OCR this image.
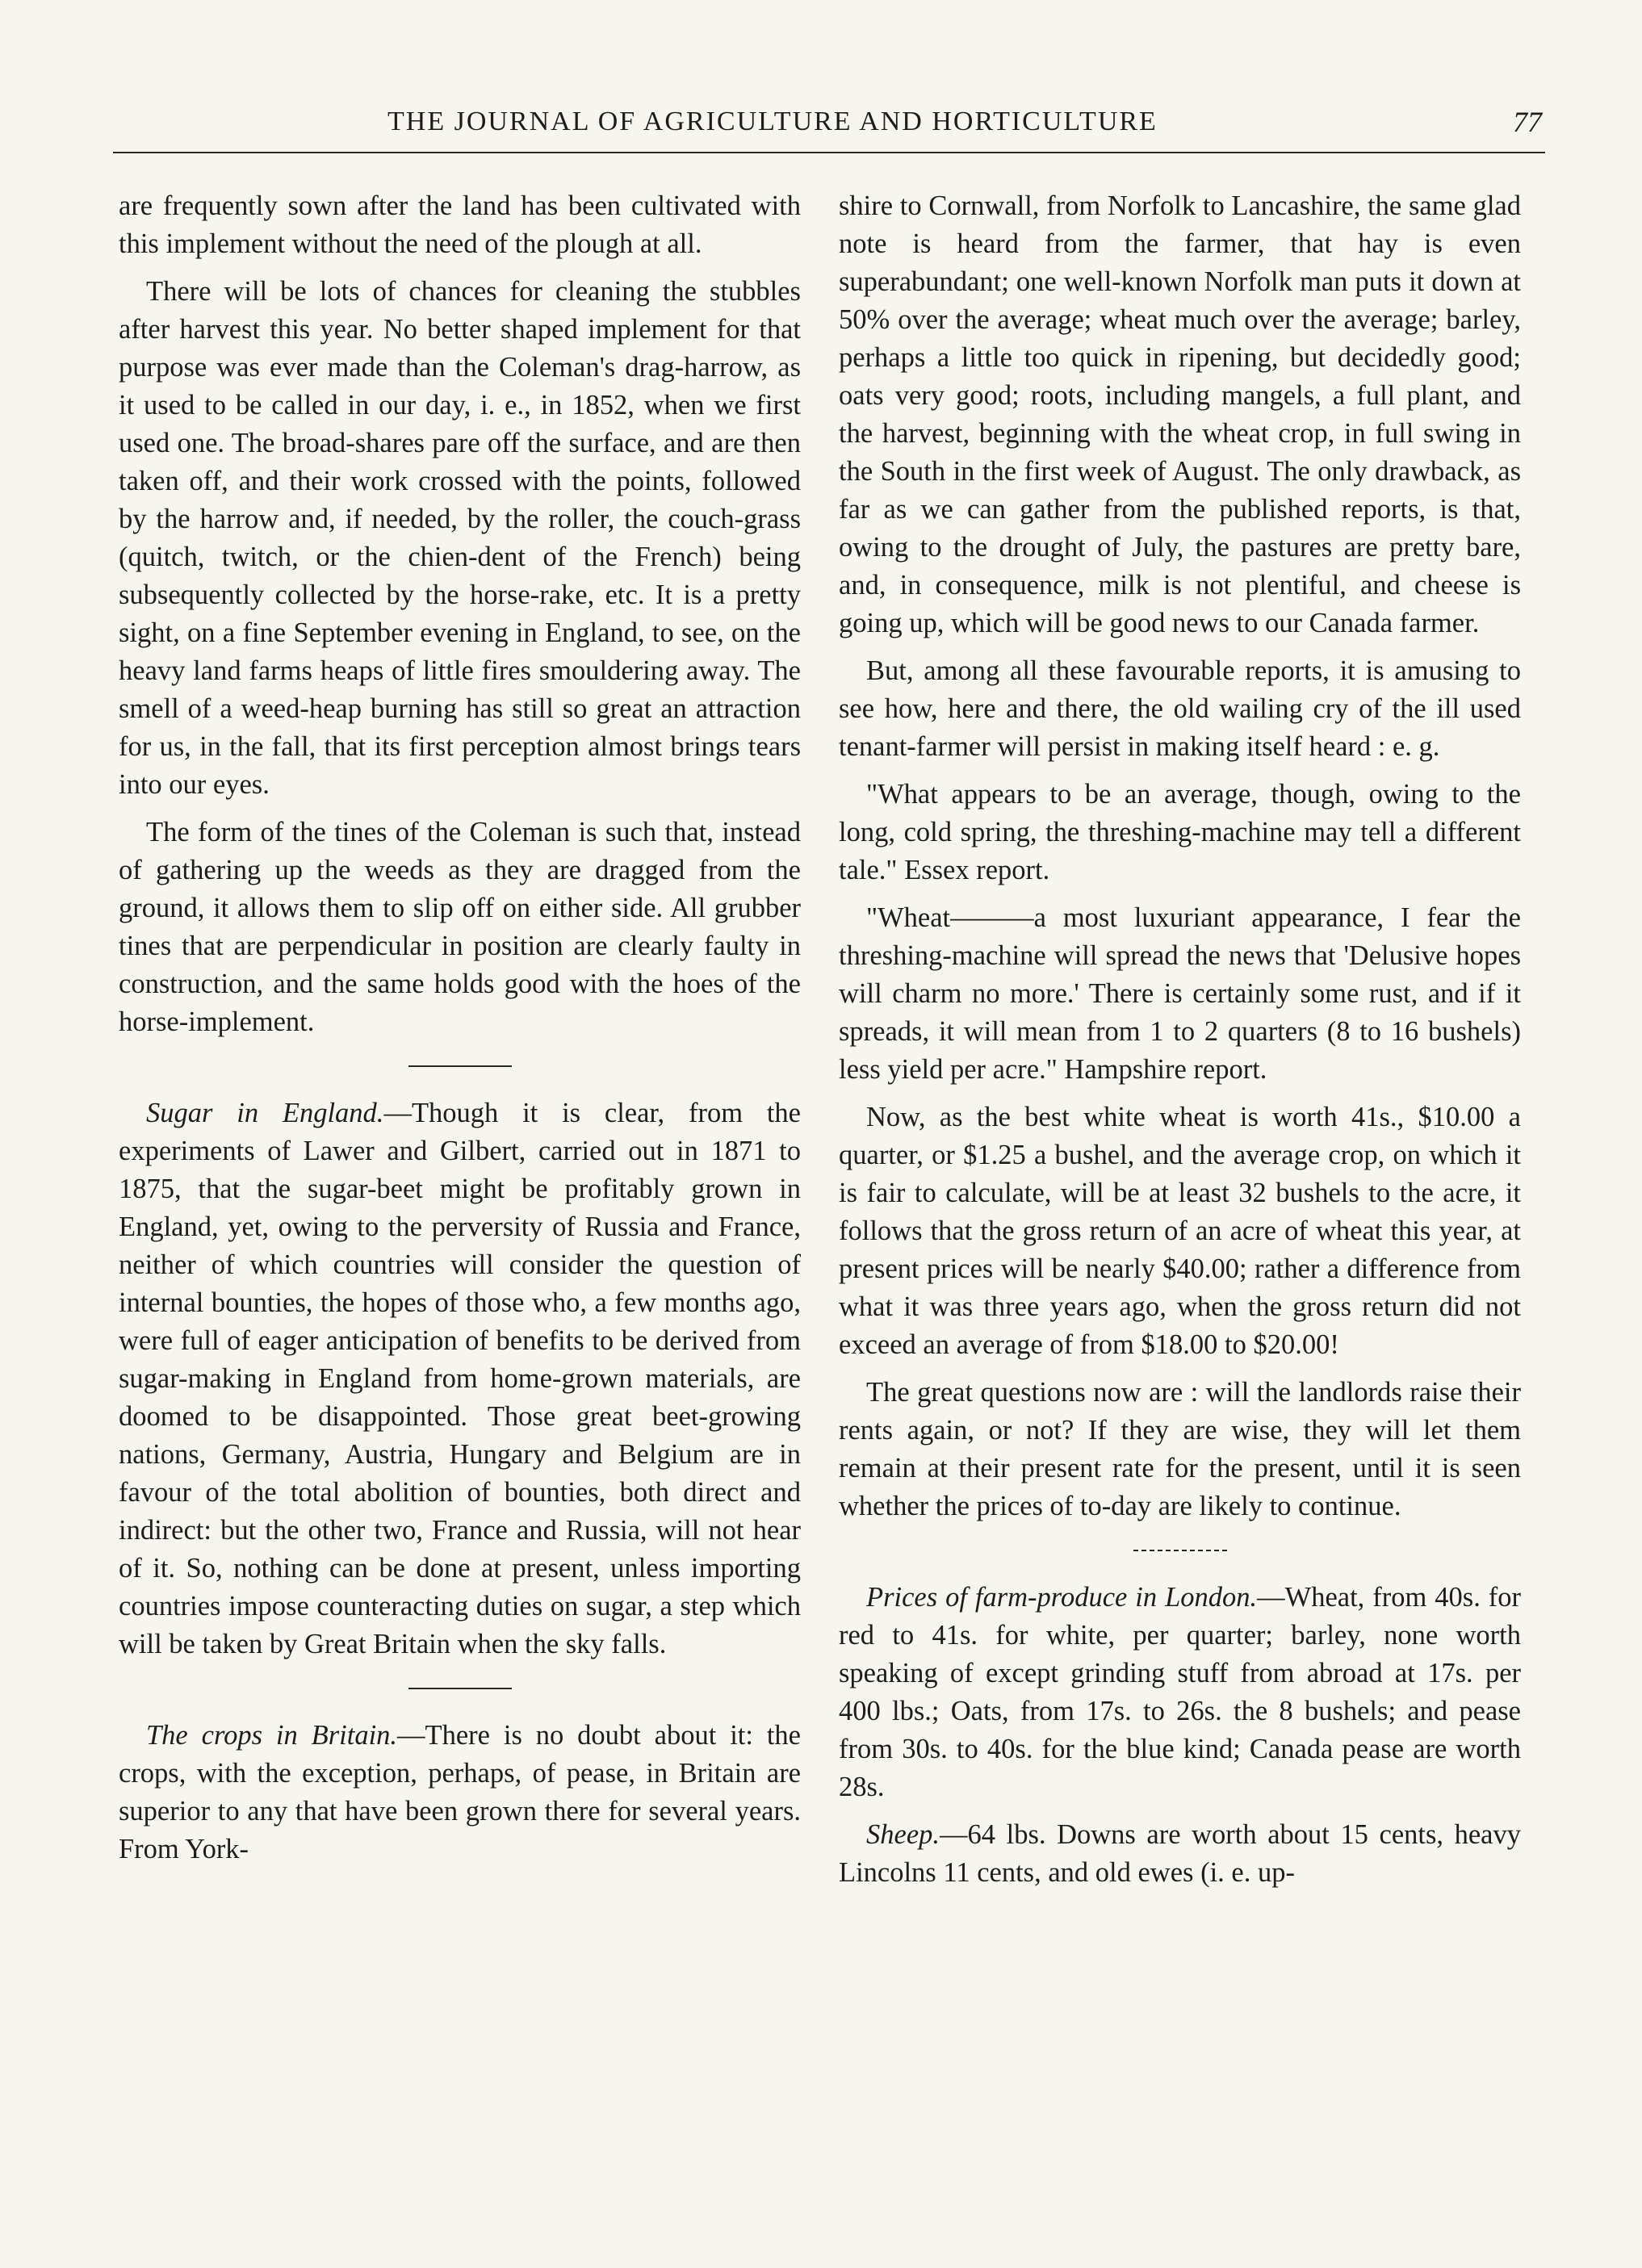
THE JOURNAL OF AGRICULTURE AND HORTICULTURE	77

are frequently sown after the land has been cultivated with this implement without the need of the plough at all.

There will be lots of chances for cleaning the stubbles after harvest this year. No better shaped implement for that purpose was ever made than the Coleman's drag-harrow, as it used to be called in our day, i. e., in 1852, when we first used one. The broad-shares pare off the surface, and are then taken off, and their work crossed with the points, followed by the harrow and, if needed, by the roller, the couch-grass (quitch, twitch, or the chien-dent of the French) being subsequently collected by the horse-rake, etc. It is a pretty sight, on a fine September evening in England, to see, on the heavy land farms heaps of little fires smouldering away. The smell of a weed-heap burning has still so great an attraction for us, in the fall, that its first perception almost brings tears into our eyes.

The form of the tines of the Coleman is such that, instead of gathering up the weeds as they are dragged from the ground, it allows them to slip off on either side. All grubber tines that are perpendicular in position are clearly faulty in construction, and the same holds good with the hoes of the horse-implement.

Sugar in England.—Though it is clear, from the experiments of Lawer and Gilbert, carried out in 1871 to 1875, that the sugar-beet might be profitably grown in England, yet, owing to the perversity of Russia and France, neither of which countries will consider the question of internal bounties, the hopes of those who, a few months ago, were full of eager anticipation of benefits to be derived from sugar-making in England from home-grown materials, are doomed to be disappointed. Those great beet-growing nations, Germany, Austria, Hungary and Belgium are in favour of the total abolition of bounties, both direct and indirect: but the other two, France and Russia, will not hear of it. So, nothing can be done at present, unless importing countries impose counteracting duties on sugar, a step which will be taken by Great Britain when the sky falls.

The crops in Britain.—There is no doubt about it: the crops, with the exception, perhaps, of pease, in Britain are superior to any that have been grown there for several years. From York-

shire to Cornwall, from Norfolk to Lancashire, the same glad note is heard from the farmer, that hay is even superabundant; one well-known Norfolk man puts it down at 50% over the average; wheat much over the average; barley, perhaps a little too quick in ripening, but decidedly good; oats very good; roots, including mangels, a full plant, and the harvest, beginning with the wheat crop, in full swing in the South in the first week of August. The only drawback, as far as we can gather from the published reports, is that, owing to the drought of July, the pastures are pretty bare, and, in consequence, milk is not plentiful, and cheese is going up, which will be good news to our Canada farmer.

But, among all these favourable reports, it is amusing to see how, here and there, the old wailing cry of the ill used tenant-farmer will persist in making itself heard : e. g.

"What appears to be an average, though, owing to the long, cold spring, the threshing-machine may tell a different tale." Essex report.

"Wheat———a most luxuriant appearance, I fear the threshing-machine will spread the news that 'Delusive hopes will charm no more.' There is certainly some rust, and if it spreads, it will mean from 1 to 2 quarters (8 to 16 bushels) less yield per acre." Hampshire report.

Now, as the best white wheat is worth 41s., $10.00 a quarter, or $1.25 a bushel, and the average crop, on which it is fair to calculate, will be at least 32 bushels to the acre, it follows that the gross return of an acre of wheat this year, at present prices will be nearly $40.00; rather a difference from what it was three years ago, when the gross return did not exceed an average of from $18.00 to $20.00!

The great questions now are : will the landlords raise their rents again, or not? If they are wise, they will let them remain at their present rate for the present, until it is seen whether the prices of to-day are likely to continue.

Prices of farm-produce in London.—Wheat, from 40s. for red to 41s. for white, per quarter; barley, none worth speaking of except grinding stuff from abroad at 17s. per 400 lbs.; Oats, from 17s. to 26s. the 8 bushels; and pease from 30s. to 40s. for the blue kind; Canada pease are worth 28s.

Sheep.—64 lbs. Downs are worth about 15 cents, heavy Lincolns 11 cents, and old ewes (i. e. up-
